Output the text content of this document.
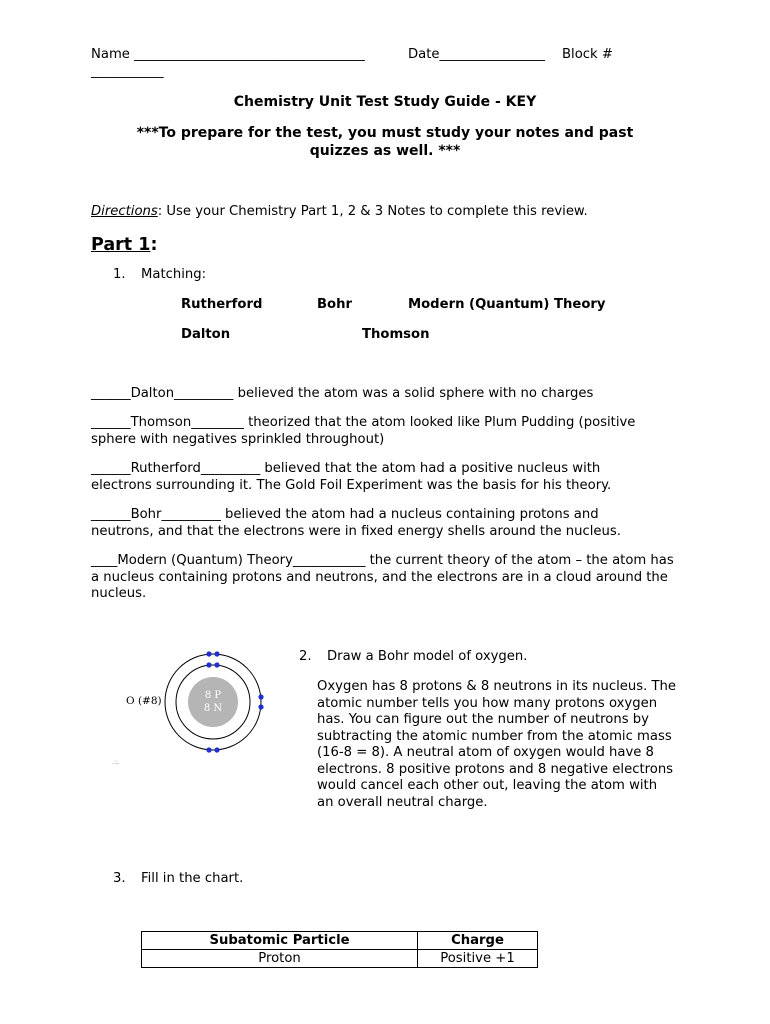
Name ___________________________________	Date________________ Block #
___________
Chemistry Unit Test Study Guide - KEY
***To prepare for the test, you must study your notes and past quizzes as well. ***
Directions: Use your Chemistry Part 1, 2 & 3 Notes to complete this review.
Part 1:
1. Matching:
Rutherford	Bohr	Modern (Quantum) Theory
Dalton	Thomson
______Dalton_________ believed the atom was a solid sphere with no charges
______Thomson________ theorized that the atom looked like Plum Pudding (positive sphere with negatives sprinkled throughout)
______Rutherford_________ believed that the atom had a positive nucleus with electrons surrounding it. The Gold Foil Experiment was the basis for his theory.
______Bohr_________ believed the atom had a nucleus containing protons and neutrons, and that the electrons were in fixed energy shells around the nucleus.
____Modern (Quantum) Theory___________ the current theory of the atom – the atom has a nucleus containing protons and neutrons, and the electrons are in a cloud around the nucleus.
O (#8)	8 P
8 N
.:;.
2. Draw a Bohr model of oxygen.
Oxygen has 8 protons & 8 neutrons in its nucleus. The atomic number tells you how many protons oxygen has. You can figure out the number of neutrons by subtracting the atomic number from the atomic mass (16-8 = 8). A neutral atom of oxygen would have 8 electrons. 8 positive protons and 8 negative electrons would cancel each other out, leaving the atom with an overall neutral charge.
3. Fill in the chart.
Subatomic Particle	Charge
Proton	Positive +1
